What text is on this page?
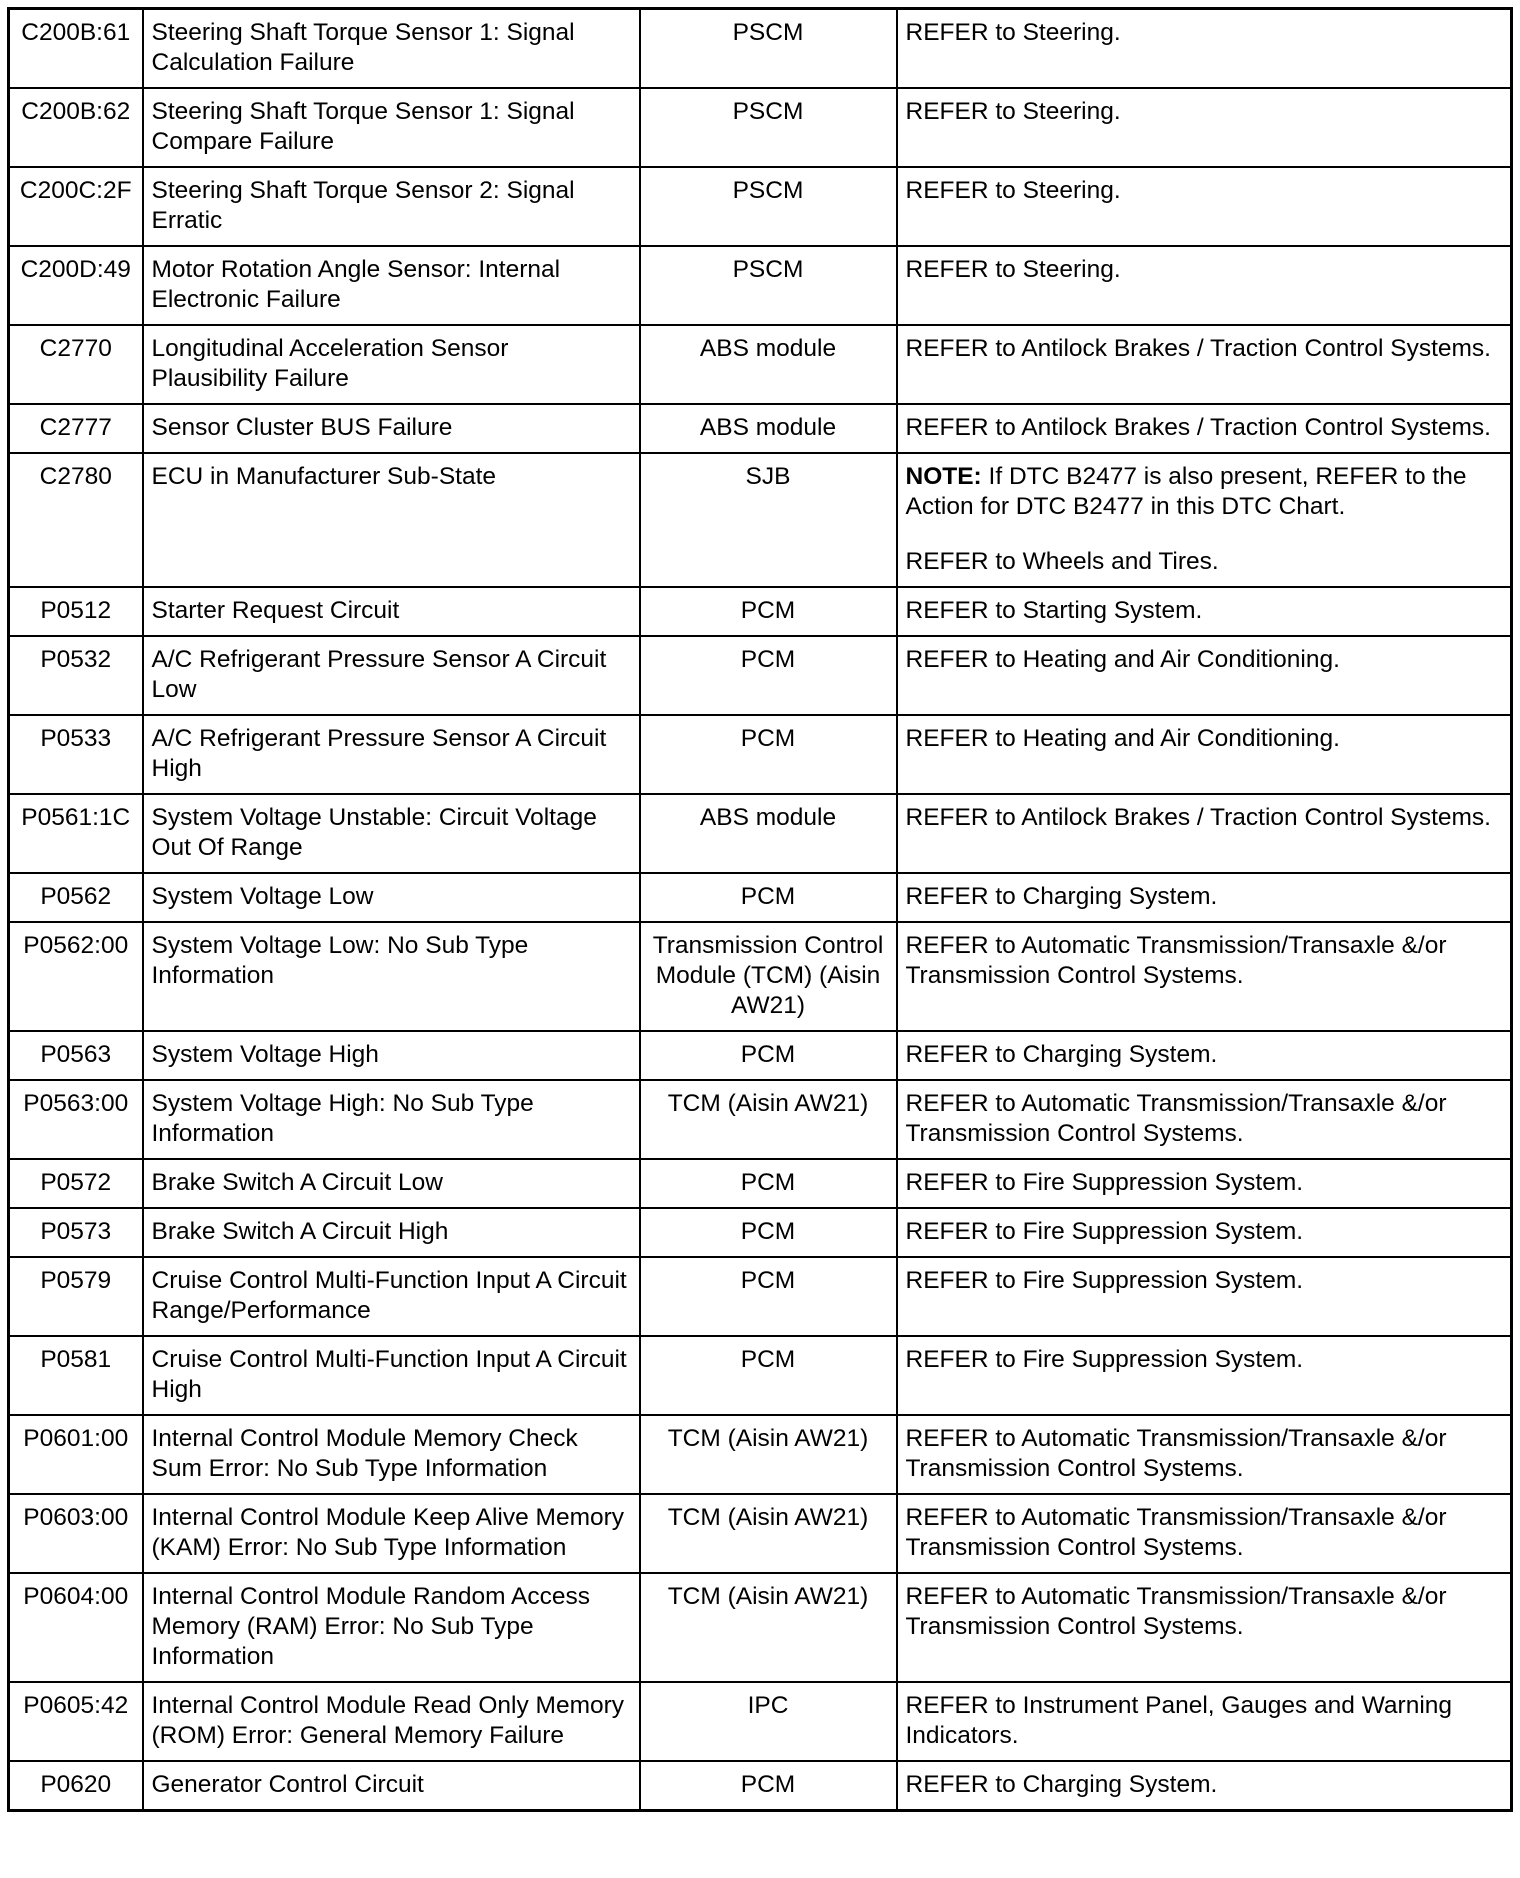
C200B:61	Steering Shaft Torque Sensor 1: Signal Calculation Failure	PSCM	REFER to Steering.
C200B:62	Steering Shaft Torque Sensor 1: Signal Compare Failure	PSCM	REFER to Steering.
C200C:2F	Steering Shaft Torque Sensor 2: Signal Erratic	PSCM	REFER to Steering.
C200D:49	Motor Rotation Angle Sensor: Internal Electronic Failure	PSCM	REFER to Steering.
C2770	Longitudinal Acceleration Sensor Plausibility Failure	ABS module	REFER to Antilock Brakes / Traction Control Systems.
C2777	Sensor Cluster BUS Failure	ABS module	REFER to Antilock Brakes / Traction Control Systems.
C2780	ECU in Manufacturer Sub-State	SJB	NOTE: If DTC B2477 is also present, REFER to the Action for DTC B2477 in this DTC Chart.
REFER to Wheels and Tires.

P0512	Starter Request Circuit	PCM	REFER to Starting System.
P0532	A/C Refrigerant Pressure Sensor A Circuit Low	PCM	REFER to Heating and Air Conditioning.
P0533	A/C Refrigerant Pressure Sensor A Circuit High	PCM	REFER to Heating and Air Conditioning.
P0561:1C	System Voltage Unstable: Circuit Voltage Out Of Range	ABS module	REFER to Antilock Brakes / Traction Control Systems.
P0562	System Voltage Low	PCM	REFER to Charging System.
P0562:00	System Voltage Low: No Sub Type Information	Transmission Control Module (TCM) (Aisin AW21)	REFER to Automatic Transmission/Transaxle &/or Transmission Control Systems.
P0563	System Voltage High	PCM	REFER to Charging System.
P0563:00	System Voltage High: No Sub Type Information	TCM (Aisin AW21)	REFER to Automatic Transmission/Transaxle &/or Transmission Control Systems.
P0572	Brake Switch A Circuit Low	PCM	REFER to Fire Suppression System.
P0573	Brake Switch A Circuit High	PCM	REFER to Fire Suppression System.
P0579	Cruise Control Multi-Function Input A Circuit Range/Performance	PCM	REFER to Fire Suppression System.
P0581	Cruise Control Multi-Function Input A Circuit High	PCM	REFER to Fire Suppression System.
P0601:00	Internal Control Module Memory Check Sum Error: No Sub Type Information	TCM (Aisin AW21)	REFER to Automatic Transmission/Transaxle &/or Transmission Control Systems.
P0603:00	Internal Control Module Keep Alive Memory (KAM) Error: No Sub Type Information	TCM (Aisin AW21)	REFER to Automatic Transmission/Transaxle &/or Transmission Control Systems.
P0604:00	Internal Control Module Random Access Memory (RAM) Error: No Sub Type Information	TCM (Aisin AW21)	REFER to Automatic Transmission/Transaxle &/or Transmission Control Systems.
P0605:42	Internal Control Module Read Only Memory (ROM) Error: General Memory Failure	IPC	REFER to Instrument Panel, Gauges and Warning Indicators.
P0620	Generator Control Circuit	PCM	REFER to Charging System.
